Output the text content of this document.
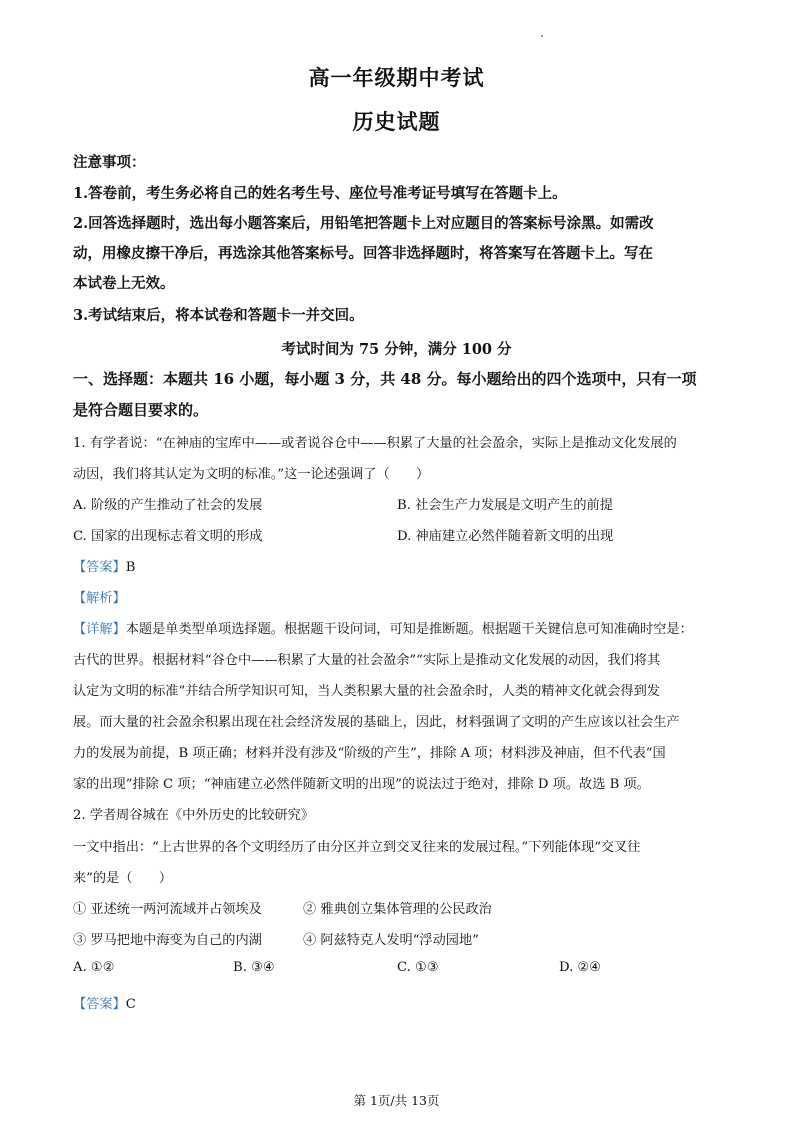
高一年级期中考试
历史试题
注意事项：
1.答卷前，考生务必将自己的姓名考生号、座位号准考证号填写在答题卡上。
2.回答选择题时，选出每小题答案后，用铅笔把答题卡上对应题目的答案标号涂黑。如需改
动，用橡皮擦干净后，再选涂其他答案标号。回答非选择题时，将答案写在答题卡上。写在
本试卷上无效。
3.考试结束后，将本试卷和答题卡一并交回。
考试时间为 75 分钟，满分 100 分
一、选择题：本题共 16 小题，每小题 3 分，共 48 分。每小题给出的四个选项中，只有一项
是符合题目要求的。
1. 有学者说：“在神庙的宝库中——或者说谷仓中——积累了大量的社会盈余，实际上是推动文化发展的
动因，我们将其认定为文明的标准。”这一论述强调了（　　）
A. 阶级的产生推动了社会的发展	B. 社会生产力发展是文明产生的前提
C. 国家的出现标志着文明的形成	D. 神庙建立必然伴随着新文明的出现
【答案】B
【解析】
【详解】本题是单类型单项选择题。根据题干设问词，可知是推断题。根据题干关键信息可知准确时空是：
古代的世界。根据材料“谷仓中——积累了大量的社会盈余”“实际上是推动文化发展的动因，我们将其
认定为文明的标准”并结合所学知识可知，当人类积累大量的社会盈余时，人类的精神文化就会得到发
展。而大量的社会盈余积累出现在社会经济发展的基础上，因此，材料强调了文明的产生应该以社会生产
力的发展为前提，B 项正确；材料并没有涉及“阶级的产生”，排除 A 项；材料涉及神庙，但不代表“国
家的出现”排除 C 项；“神庙建立必然伴随新文明的出现”的说法过于绝对，排除 D 项。故选 B 项。
2. 学者周谷城在《中外历史的比较研究》
一文中指出：“上古世界的各个文明经历了由分区并立到交叉往来的发展过程。”下列能体现“交叉往
来”的是（　　）
① 亚述统一两河流域并占领埃及	② 雅典创立集体管理的公民政治
③ 罗马把地中海变为自己的内湖	④ 阿兹特克人发明“浮动园地”
A. ①②	B. ③④	C. ①③	D. ②④
【答案】C
第 1页/共 13页
